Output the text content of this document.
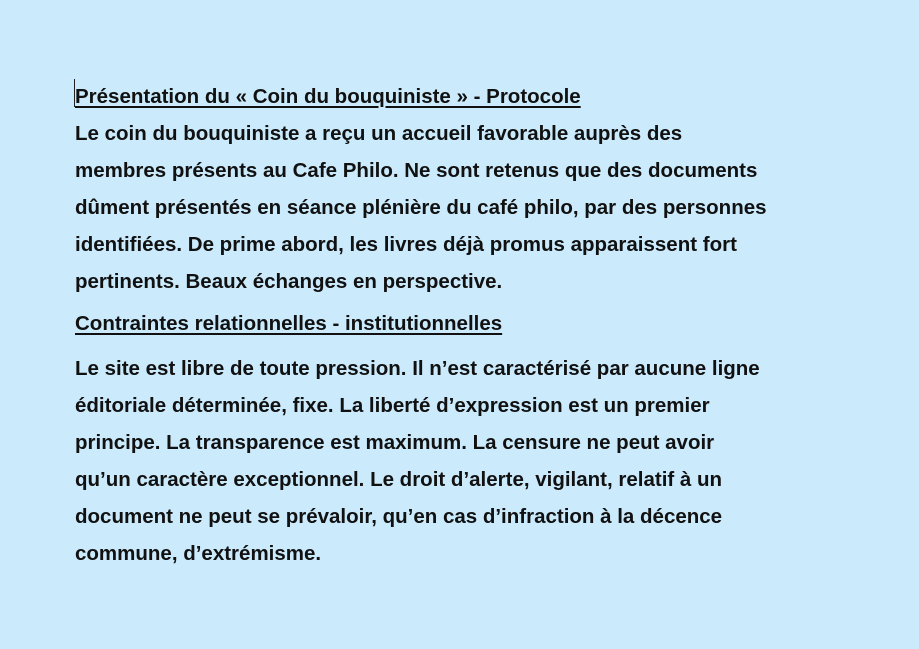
Présentation du « Coin du bouquiniste » - Protocole
Le coin du bouquiniste a reçu un accueil favorable auprès des
membres présents au Cafe Philo. Ne sont retenus que des documents
dûment présentés en séance plénière du café philo, par des personnes
identifiées. De prime abord, les livres déjà promus apparaissent fort
pertinents. Beaux échanges en perspective.
Contraintes relationnelles - institutionnelles
Le site est libre de toute pression. Il n’est caractérisé par aucune ligne
éditoriale déterminée, fixe. La liberté d’expression est un premier
principe. La transparence est maximum. La censure ne peut avoir
qu’un caractère exceptionnel. Le droit d’alerte, vigilant, relatif à un
document ne peut se prévaloir, qu’en cas d’infraction à la décence
commune, d’extrémisme.
